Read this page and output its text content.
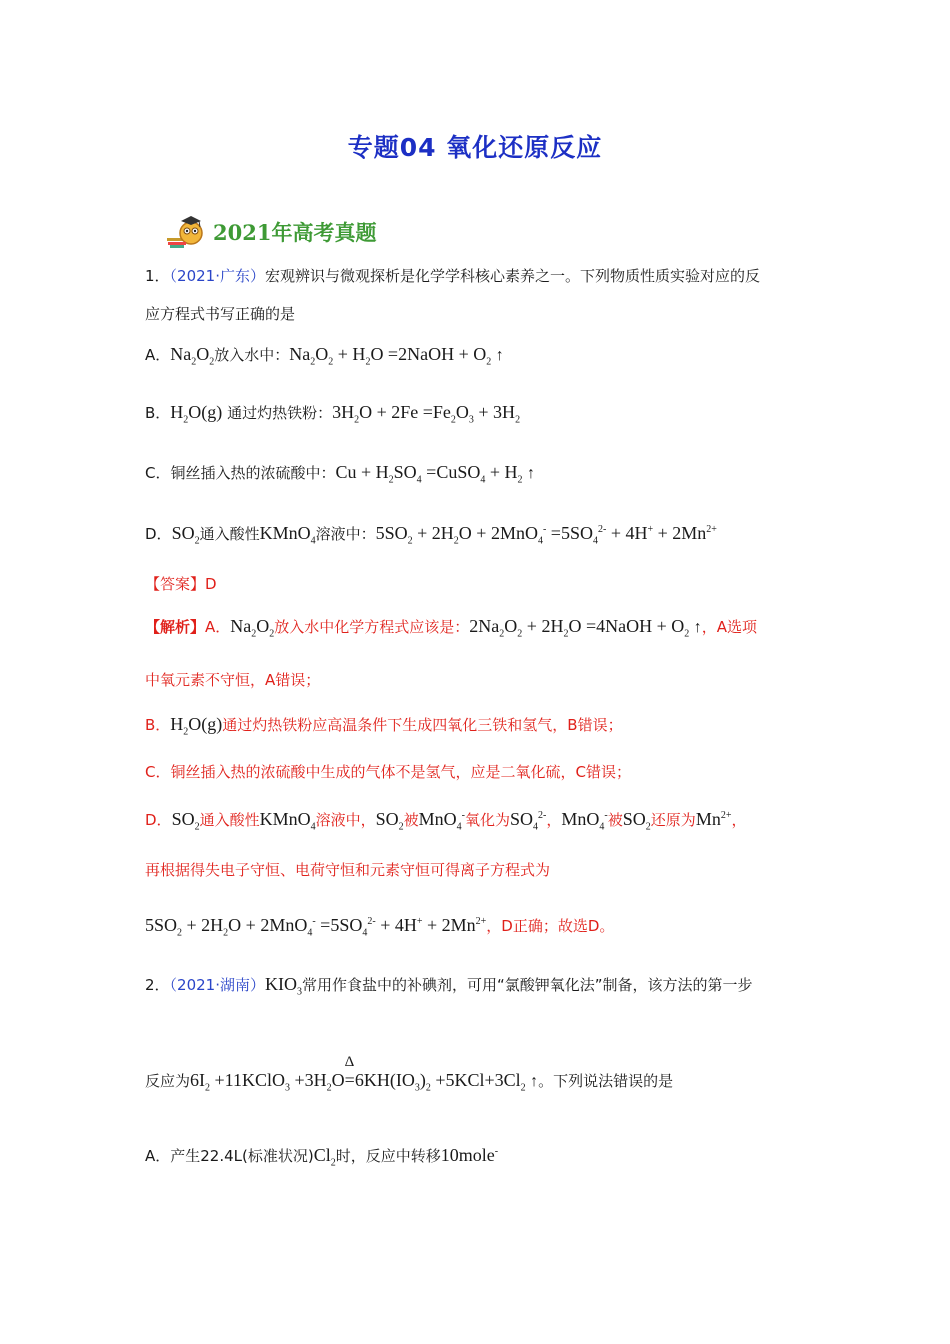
专题04 氧化还原反应
2021年高考真题
1．（2021·广东）宏观辨识与微观探析是化学学科核心素养之一。下列物质性质实验对应的反
应方程式书写正确的是
A．$Na_2O_2$放入水中：$Na_2O_2 + H_2O$ =2NaOH + $O_2$ ↑
B．$H_2O(g)$ 通过灼热铁粉：$3H_2O + 2Fe =Fe_2O_3 + 3H_2$
C．铜丝插入热的浓硫酸中：$Cu + H_2SO_4$ =CuSO$_4$ + $H_2$ ↑
D．$SO_2$通入酸性KMnO$_4$溶液中：$5SO_2 + 2H_2O + 2MnO_4^- =5SO_4^{2-} + 4H^+ + 2Mn^{2+}$
【答案】D
【解析】A．$Na_2O_2$放入水中化学方程式应该是：$2Na_2O_2 + 2H_2O$ =4NaOH + $O_2$ ↑，A选项
中氧元素不守恒，A错误；
B．$H_2O(g)$通过灼热铁粉应高温条件下生成四氧化三铁和氢气，B错误；
C．铜丝插入热的浓硫酸中生成的气体不是氢气，应是二氧化硫，C错误；
D．$SO_2$通入酸性KMnO$_4$溶液中，$SO_2$被MnO$_4$-氧化为$SO_4^{2-}$，MnO$_4$-被$SO_2$还原为$Mn^{2+}$，
再根据得失电子守恒、电荷守恒和元素守恒可得离子方程式为
$5SO_2 + 2H_2O + 2MnO_4^- =5SO_4^{2-} + 4H^+ + 2Mn^{2+}$，D正确；故选D。
2．（2021·湖南）$KIO_3$常用作食盐中的补碘剂，可用“氯酸钾氧化法”制备，该方法的第一步
反应为$6I_2$ +11KClO$_3$ $+3H_2O=$
Δ
$6KH(IO_3)_2 +5KCl+3Cl_2$ ↑。下列说法错误的是
A．产生22.4L(标准状况)$Cl_2$时，反应中转移10mole-
